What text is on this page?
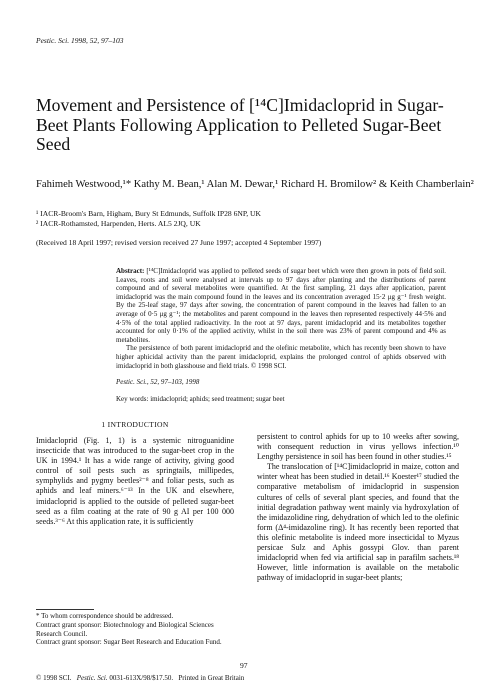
Pestic. Sci. 1998, 52, 97–103
Movement and Persistence of [¹⁴C]Imidacloprid in Sugar-Beet Plants Following Application to Pelleted Sugar-Beet Seed
Fahimeh Westwood,¹* Kathy M. Bean,¹ Alan M. Dewar,¹ Richard H. Bromilow² & Keith Chamberlain²
¹ IACR-Broom's Barn, Higham, Bury St Edmunds, Suffolk IP28 6NP, UK
² IACR-Rothamsted, Harpenden, Herts. AL5 2JQ, UK
(Received 18 April 1997; revised version received 27 June 1997; accepted 4 September 1997)

Abstract: [¹⁴C]Imidacloprid was applied to pelleted seeds of sugar beet which were then grown in pots of field soil. Leaves, roots and soil were analysed at intervals up to 97 days after planting and the distributions of parent compound and of several metabolites were quantified. At the first sampling, 21 days after application, parent imidacloprid was the main compound found in the leaves and its concentration averaged 15·2 μg g⁻¹ fresh weight. By the 25-leaf stage, 97 days after sowing, the concentration of parent compound in the leaves had fallen to an average of 0·5 μg g⁻¹; the metabolites and parent compound in the leaves then represented respectively 44·5% and 4·5% of the total applied radioactivity. In the root at 97 days, parent imidacloprid and its metabolites together accounted for only 0·1% of the applied activity, whilst in the soil there was 23% of parent compound and 4% as metabolites.

The persistence of both parent imidacloprid and the olefinic metabolite, which has recently been shown to have higher aphicidal activity than the parent imidacloprid, explains the prolonged control of aphids observed with imidacloprid in both glasshouse and field trials. © 1998 SCI.

Pestic. Sci., 52, 97–103, 1998
Key words: imidacloprid; aphids; seed treatment; sugar beet
1 INTRODUCTION

Imidacloprid (Fig. 1, 1) is a systemic nitroguanidine insecticide that was introduced to the sugar-beet crop in the UK in 1994.¹ It has a wide range of activity, giving good control of soil pests such as springtails, millipedes, symphylids and pygmy beetles²⁻⁸ and foliar pests, such as aphids and leaf miners.⁶⁻¹³ In the UK and elsewhere, imidacloprid is applied to the outside of pelleted sugar-beet seed as a film coating at the rate of 90 g AI per 100 000 seeds.³⁻⁶ At this application rate, it is sufficiently

persistent to control aphids for up to 10 weeks after sowing, with consequent reduction in virus yellows infection.¹⁰ Lengthy persistence in soil has been found in other studies.¹⁵

The translocation of [¹⁴C]imidacloprid in maize, cotton and winter wheat has been studied in detail.¹⁶ Koester¹⁷ studied the comparative metabolism of imidacloprid in suspension cultures of cells of several plant species, and found that the initial degradation pathway went mainly via hydroxylation of the imidazolidine ring, dehydration of which led to the olefinic form (Δ⁴-imidazoline ring). It has recently been reported that this olefinic metabolite is indeed more insecticidal to Myzus persicae Sulz and Aphis gossypi Glov. than parent imidacloprid when fed via artificial sap in parafilm sachets.¹⁸ However, little information is available on the metabolic pathway of imidacloprid in sugar-beet plants;

* To whom correspondence should be addressed.

Contract grant sponsor: Biotechnology and Biological Sciences Research Council.

Contract grant sponsor: Sugar Beet Research and Education Fund.

97
© 1998 SCI. Pestic. Sci. 0031-613X/98/$17.50. Printed in Great Britain
